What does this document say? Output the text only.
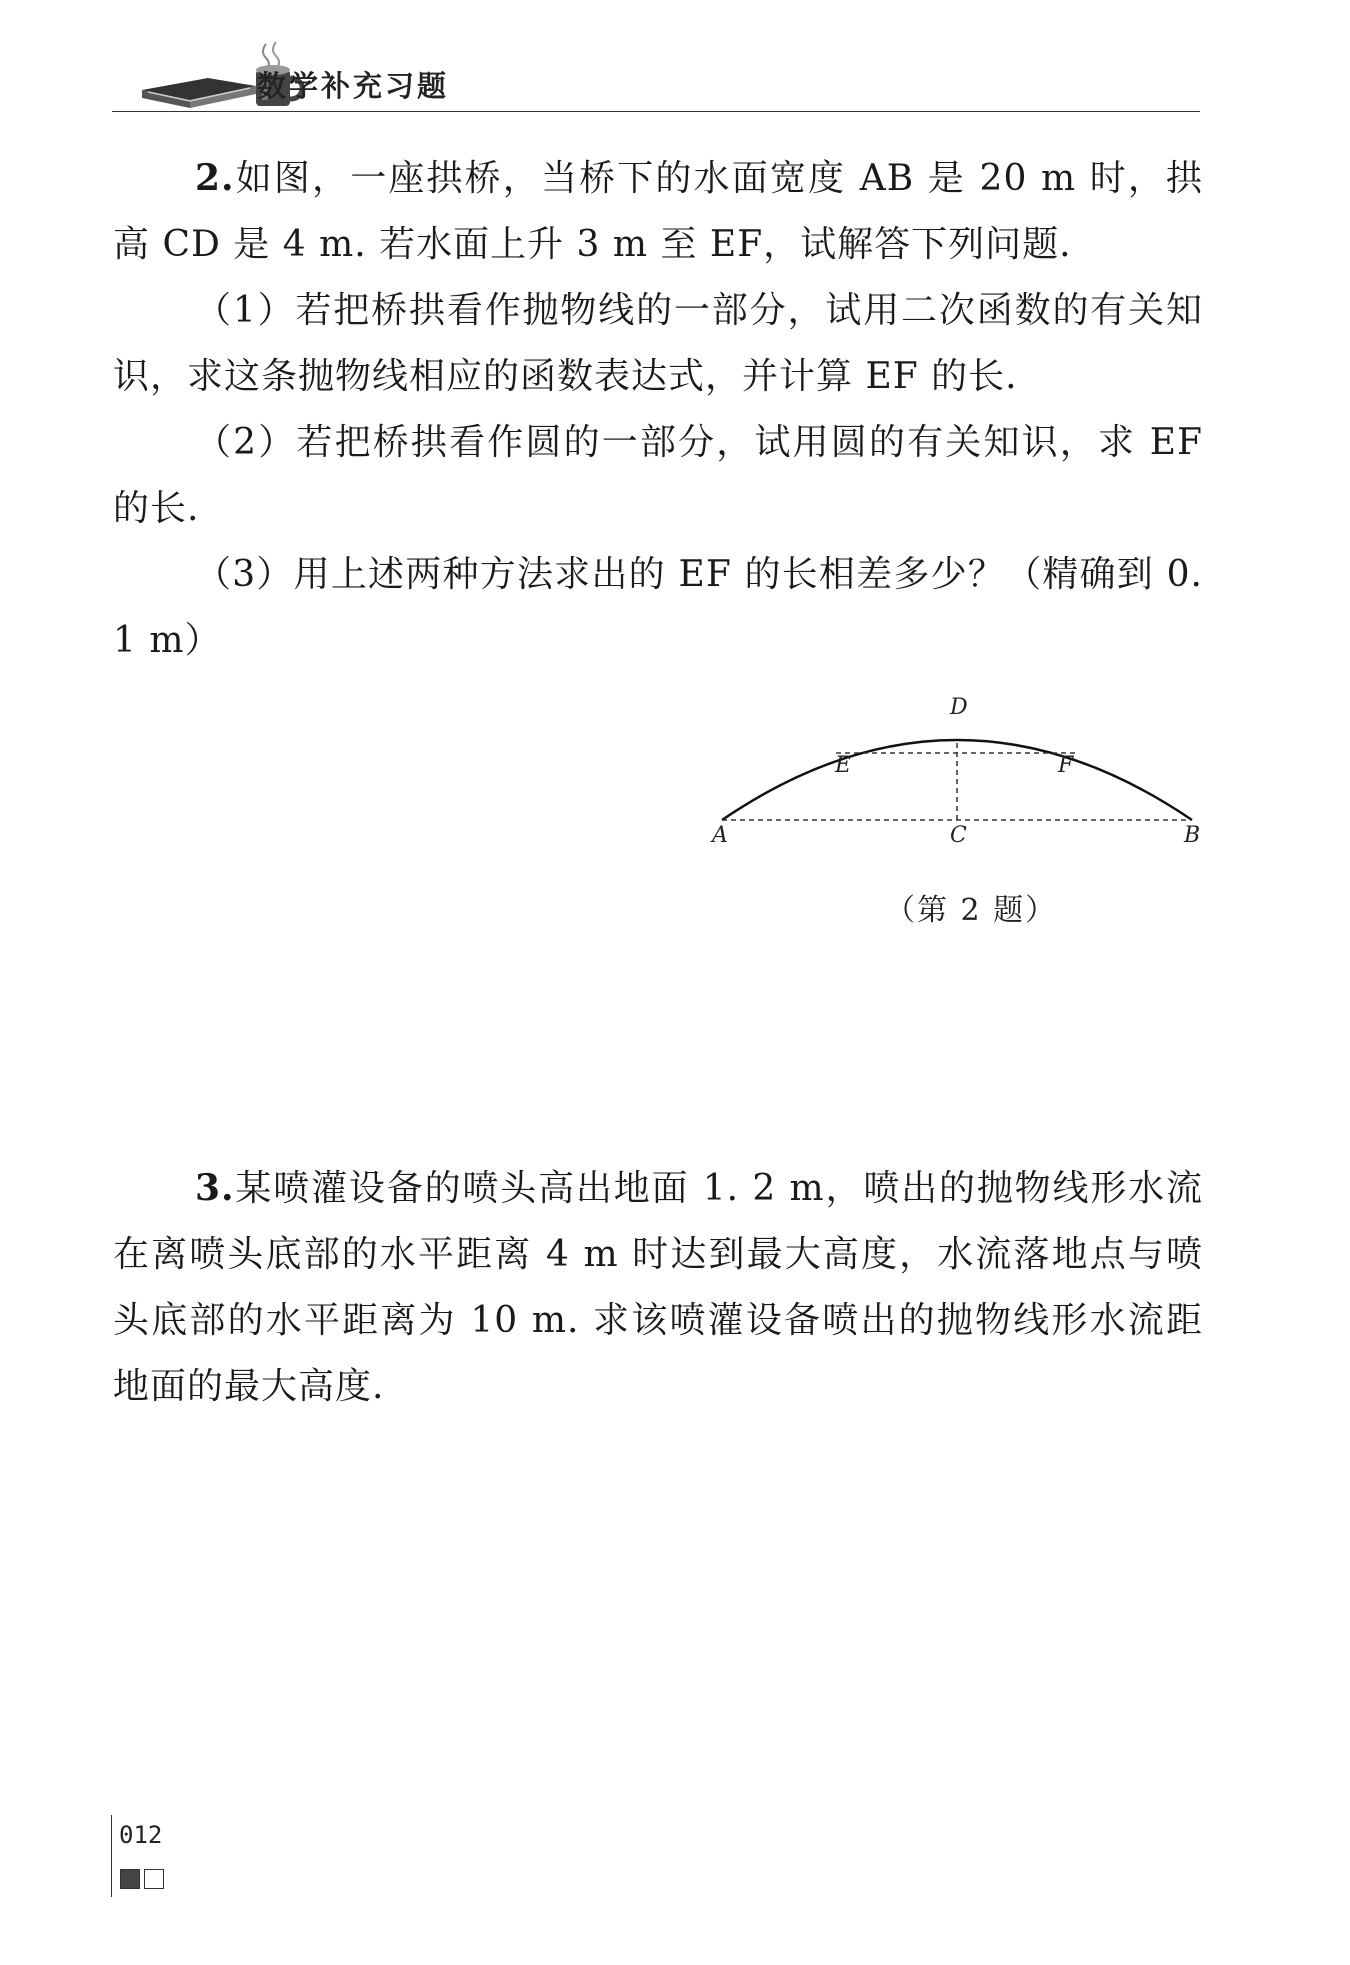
数学补充习题

2.如图，一座拱桥，当桥下的水面宽度 AB 是 20 m 时，拱高 CD 是 4 m. 若水面上升 3 m 至 EF，试解答下列问题.

（1）若把桥拱看作抛物线的一部分，试用二次函数的有关知识，求这条抛物线相应的函数表达式，并计算 EF 的长.

（2）若把桥拱看作圆的一部分，试用圆的有关知识，求 EF 的长.

（3）用上述两种方法求出的 EF 的长相差多少？（精确到 0. 1 m）

A	B
C
D
E	F
（第 2 题）

3.某喷灌设备的喷头高出地面 1. 2 m，喷出的抛物线形水流在离喷头底部的水平距离 4 m 时达到最大高度，水流落地点与喷头底部的水平距离为 10 m. 求该喷灌设备喷出的抛物线形水流距地面的最大高度.

012
